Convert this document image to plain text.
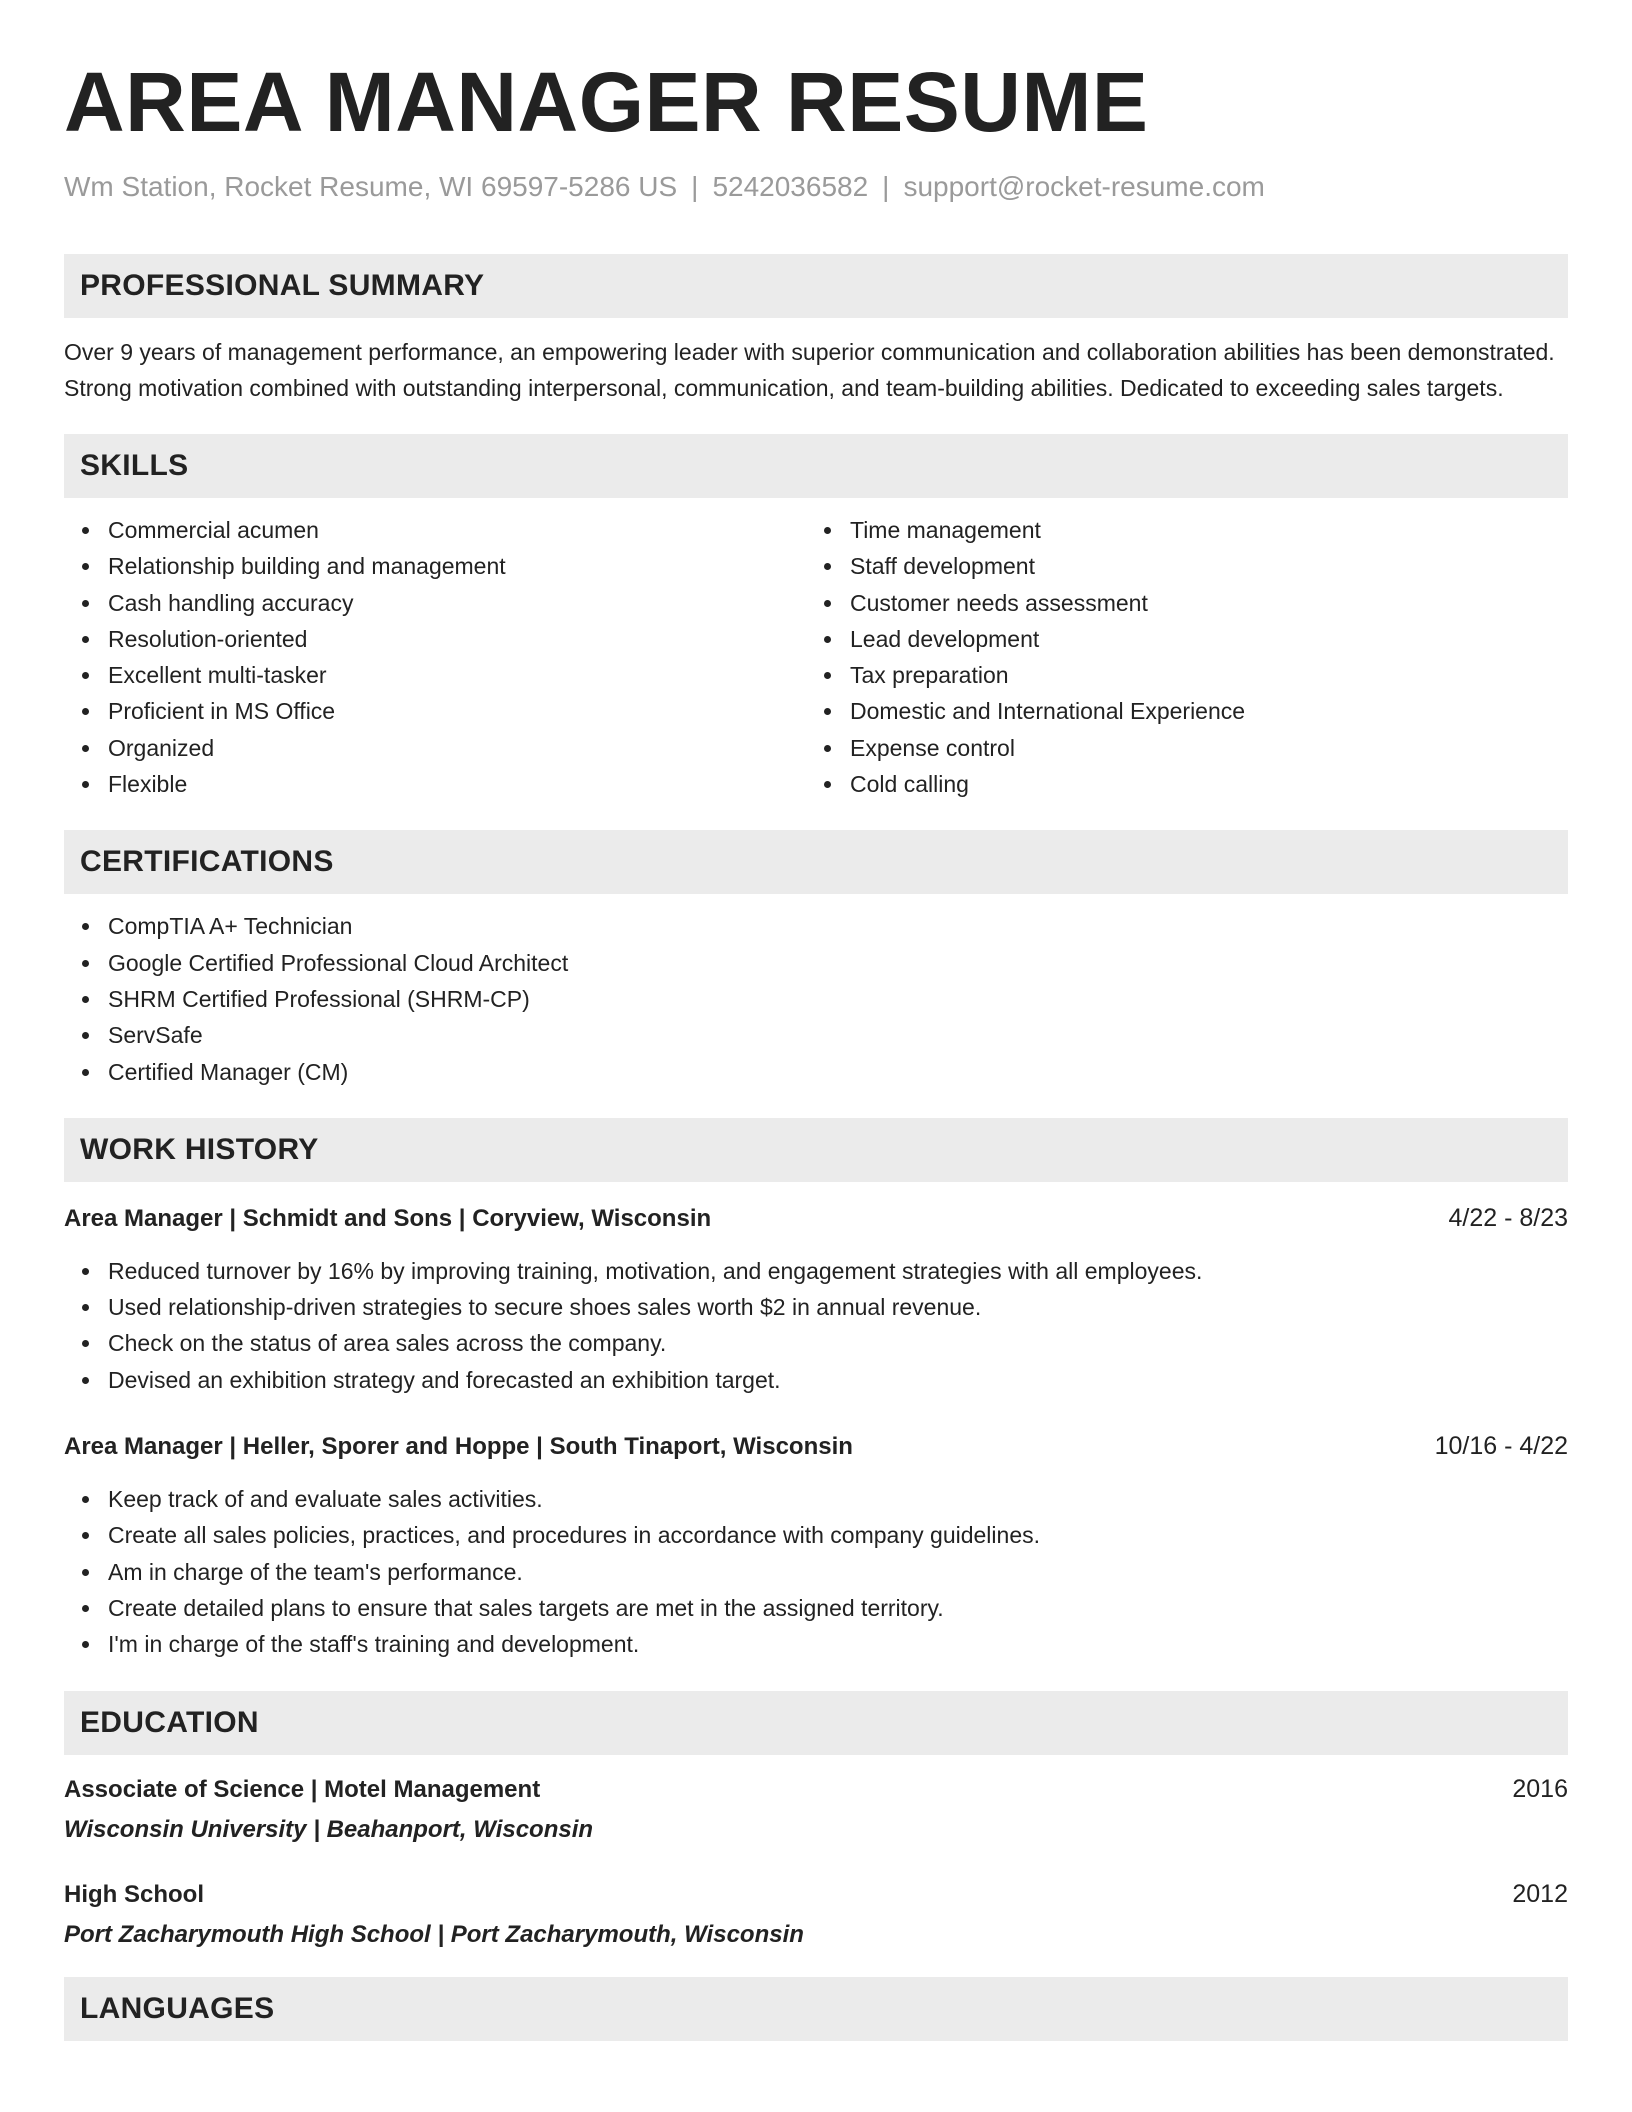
AREA MANAGER RESUME
Wm Station, Rocket Resume, WI 69597-5286 US | 5242036582 | support@rocket-resume.com
PROFESSIONAL SUMMARY

Over 9 years of management performance, an empowering leader with superior communication and collaboration abilities has been demonstrated. Strong motivation combined with outstanding interpersonal, communication, and team-building abilities. Dedicated to exceeding sales targets.

SKILLS
Commercial acumen
Relationship building and management
Cash handling accuracy
Resolution-oriented
Excellent multi-tasker
Proficient in MS Office
Organized
Flexible
Time management
Staff development
Customer needs assessment
Lead development
Tax preparation
Domestic and International Experience
Expense control
Cold calling
CERTIFICATIONS
CompTIA A+ Technician
Google Certified Professional Cloud Architect
SHRM Certified Professional (SHRM-CP)
ServSafe
Certified Manager (CM)
WORK HISTORY
Area Manager | Schmidt and Sons | Coryview, Wisconsin	4/22 - 8/23
Reduced turnover by 16% by improving training, motivation, and engagement strategies with all employees.
Used relationship-driven strategies to secure shoes sales worth $2 in annual revenue.
Check on the status of area sales across the company.
Devised an exhibition strategy and forecasted an exhibition target.
Area Manager | Heller, Sporer and Hoppe | South Tinaport, Wisconsin	10/16 - 4/22
Keep track of and evaluate sales activities.
Create all sales policies, practices, and procedures in accordance with company guidelines.
Am in charge of the team's performance.
Create detailed plans to ensure that sales targets are met in the assigned territory.
I'm in charge of the staff's training and development.
EDUCATION
Associate of Science | Motel Management	2016
Wisconsin University | Beahanport, Wisconsin
High School	2012
Port Zacharymouth High School | Port Zacharymouth, Wisconsin
LANGUAGES
